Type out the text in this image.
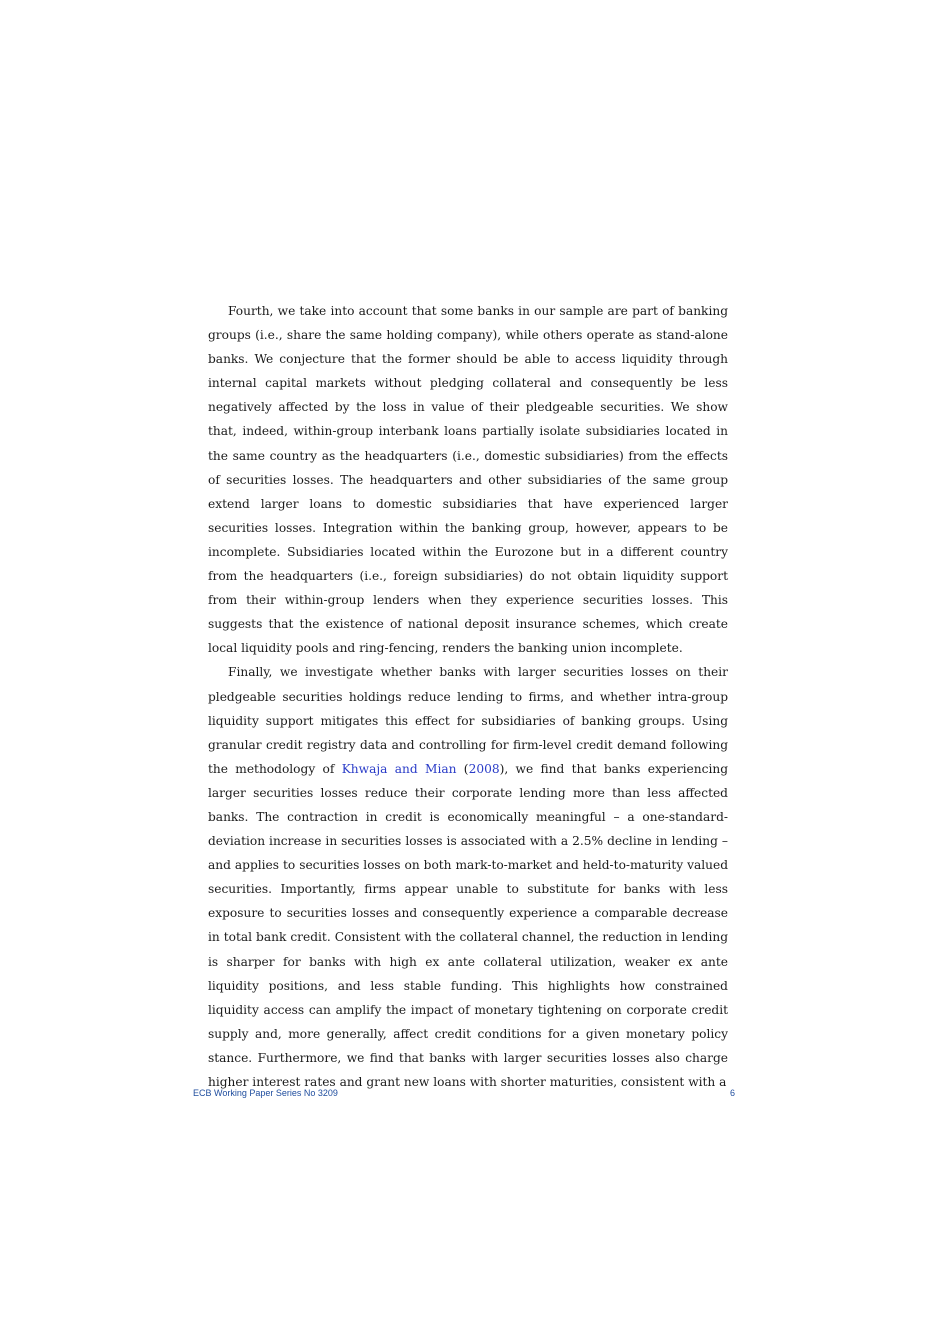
Fourth, we take into account that some banks in our sample are part of banking groups (i.e., share the same holding company), while others operate as stand-alone banks. We conjecture that the former should be able to access liquidity through internal capital markets without pledging collateral and consequently be less negatively affected by the loss in value of their pledgeable securities. We show that, indeed, within-group interbank loans partially isolate subsidiaries located in the same country as the headquarters (i.e., domestic subsidiaries) from the effects of securities losses. The headquarters and other subsidiaries of the same group extend larger loans to domestic subsidiaries that have experienced larger securities losses. Integration within the banking group, however, appears to be incomplete. Subsidiaries located within the Eurozone but in a different country from the headquarters (i.e., foreign subsidiaries) do not obtain liquidity support from their within-group lenders when they experience securities losses. This suggests that the existence of national deposit insurance schemes, which create local liquidity pools and ring-fencing, renders the banking union incomplete.

Finally, we investigate whether banks with larger securities losses on their pledgeable securities holdings reduce lending to firms, and whether intra-group liquidity support mitigates this effect for subsidiaries of banking groups. Using granular credit registry data and controlling for firm-level credit demand following the methodology of Khwaja and Mian (2008), we find that banks experiencing larger securities losses reduce their corporate lending more than less affected banks. The contraction in credit is economically meaningful – a one-standard-deviation increase in securities losses is associated with a 2.5% decline in lending – and applies to securities losses on both mark-to-market and held-to-maturity valued securities. Importantly, firms appear unable to substitute for banks with less exposure to securities losses and consequently experience a comparable decrease in total bank credit. Consistent with the collateral channel, the reduction in lending is sharper for banks with high ex ante collateral utilization, weaker ex ante liquidity positions, and less stable funding. This highlights how constrained liquidity access can amplify the impact of monetary tightening on corporate credit supply and, more generally, affect credit conditions for a given monetary policy stance. Furthermore, we find that banks with larger securities losses also charge higher interest rates and grant new loans with shorter maturities, consistent with a

ECB Working Paper Series No 3209	6
